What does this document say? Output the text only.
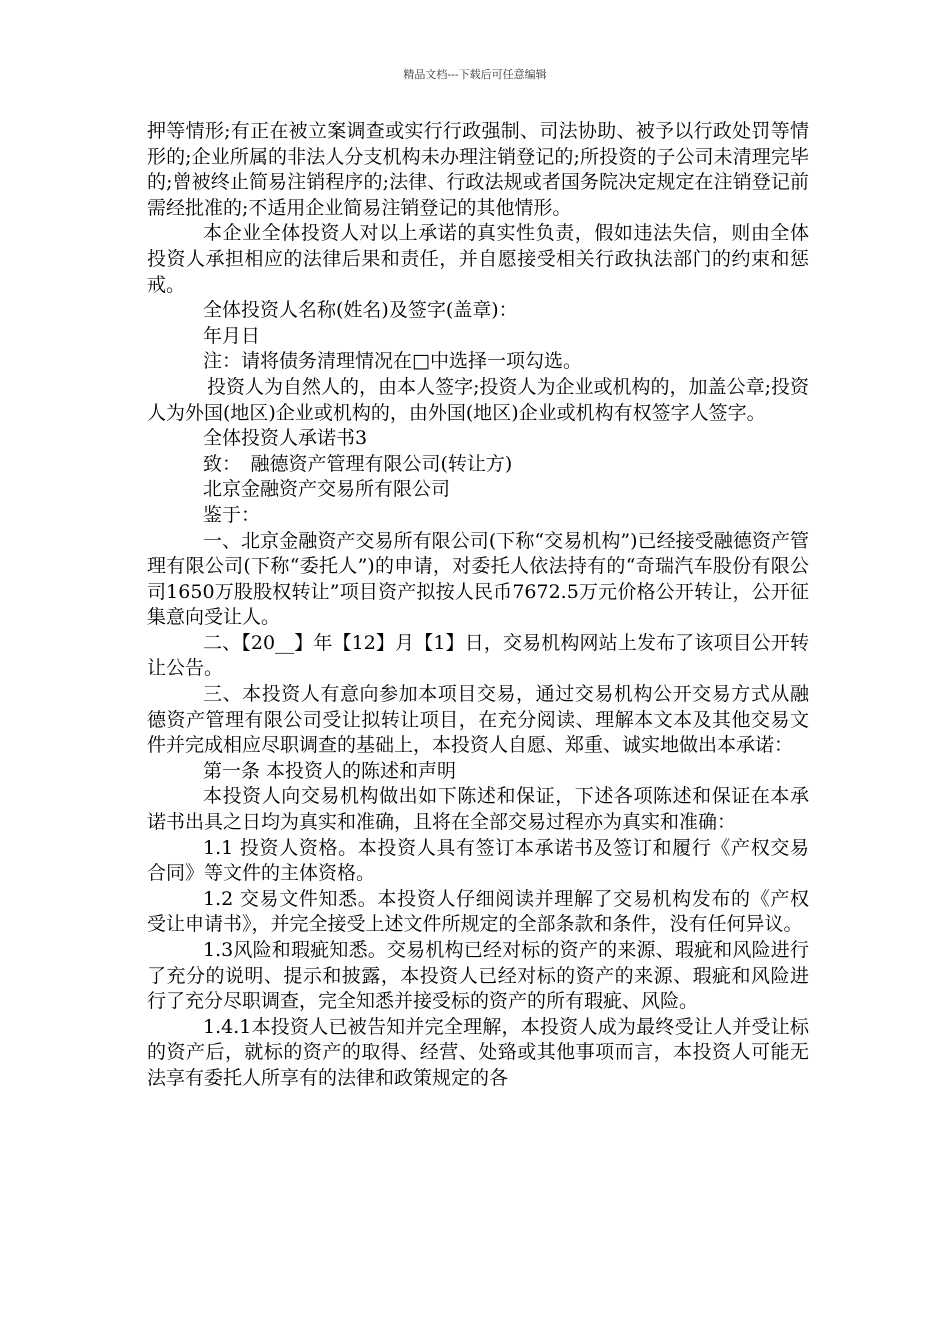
精品文档---下载后可任意编辑

押等情形;有正在被立案调查或实行行政强制、司法协助、被予以行政处罚等情形的;企业所属的非法人分支机构未办理注销登记的;所投资的子公司未清理完毕的;曾被终止简易注销程序的;法律、行政法规或者国务院决定规定在注销登记前需经批准的;不适用企业简易注销登记的其他情形。

本企业全体投资人对以上承诺的真实性负责，假如违法失信，则由全体投资人承担相应的法律后果和责任，并自愿接受相关行政执法部门的约束和惩戒。

全体投资人名称(姓名)及签字(盖章)：

年月日

注：请将债务清理情况在□中选择一项勾选。

投资人为自然人的，由本人签字;投资人为企业或机构的，加盖公章;投资人为外国(地区)企业或机构的，由外国(地区)企业或机构有权签字人签字。

全体投资人承诺书3

致：　融德资产管理有限公司(转让方)

北京金融资产交易所有限公司

鉴于：

一、北京金融资产交易所有限公司(下称“交易机构”)已经接受融德资产管理有限公司(下称“委托人”)的申请，对委托人依法持有的“奇瑞汽车股份有限公司1650万股股权转让”项目资产拟按人民币7672.5万元价格公开转让，公开征集意向受让人。

二、【20__】年【12】月【1】日，交易机构网站上发布了该项目公开转让公告。

三、本投资人有意向参加本项目交易，通过交易机构公开交易方式从融德资产管理有限公司受让拟转让项目，在充分阅读、理解本文本及其他交易文件并完成相应尽职调查的基础上，本投资人自愿、郑重、诚实地做出本承诺：

第一条 本投资人的陈述和声明

本投资人向交易机构做出如下陈述和保证，下述各项陈述和保证在本承诺书出具之日均为真实和准确，且将在全部交易过程亦为真实和准确：

1.1 投资人资格。本投资人具有签订本承诺书及签订和履行《产权交易合同》等文件的主体资格。

1.2 交易文件知悉。本投资人仔细阅读并理解了交易机构发布的《产权受让申请书》，并完全接受上述文件所规定的全部条款和条件，没有任何异议。

1.3风险和瑕疵知悉。交易机构已经对标的资产的来源、瑕疵和风险进行了充分的说明、提示和披露，本投资人已经对标的资产的来源、瑕疵和风险进行了充分尽职调查，完全知悉并接受标的资产的所有瑕疵、风险。

1.4.1本投资人已被告知并完全理解，本投资人成为最终受让人并受让标的资产后，就标的资产的取得、经营、处臵或其他事项而言，本投资人可能无法享有委托人所享有的法律和政策规定的各
